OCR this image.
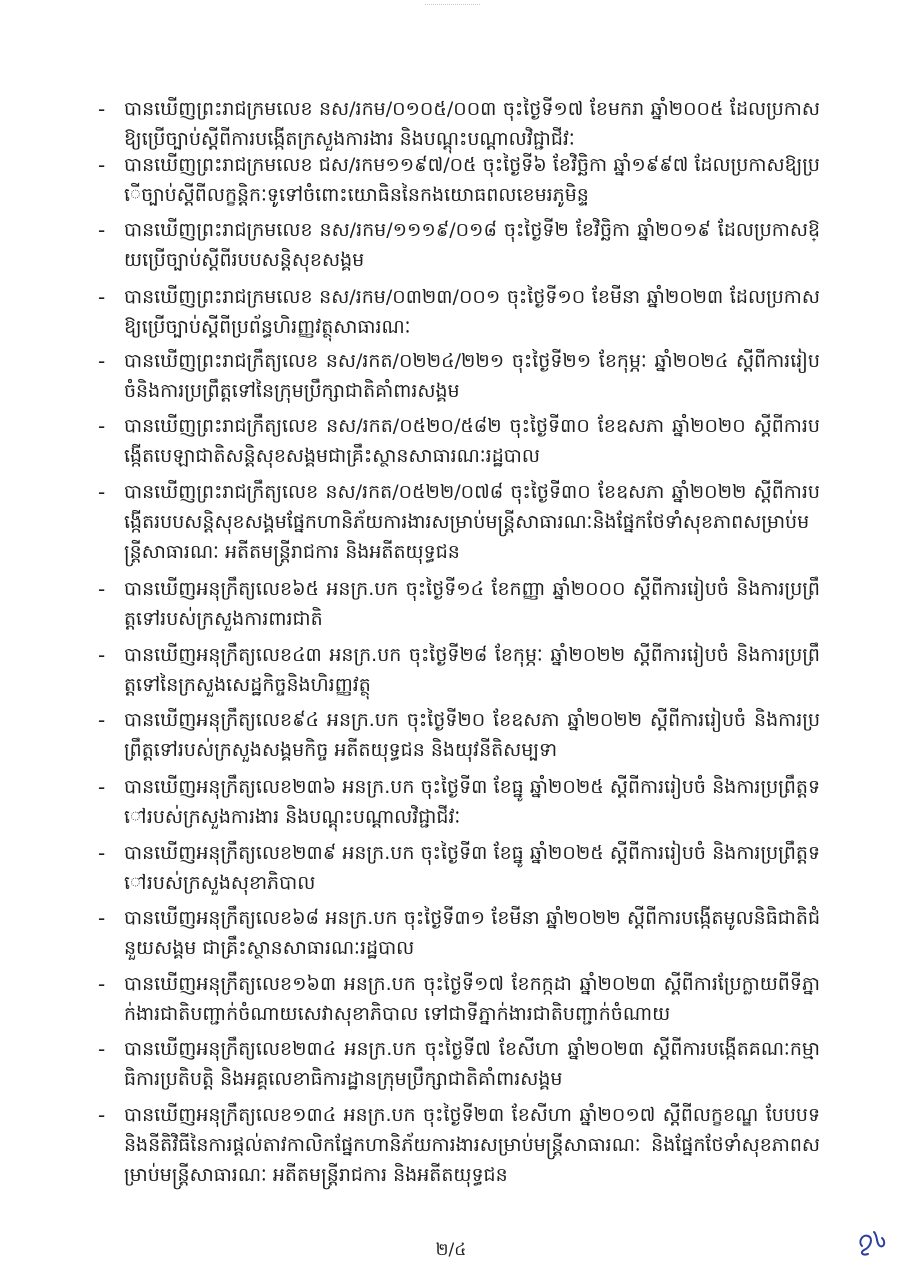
- បានឃើញព្រះរាជក្រមលេខ នស/រកម/០១០៥/០០៣ ចុះថ្ងៃទី១៧ ខែមករា ឆ្នាំ២០០៥ ដែលប្រកាសឱ្យប្រើច្បាប់ស្តីពីការបង្កើតក្រសួងការងារ និងបណ្តុះបណ្តាលវិជ្ជាជីវៈ
- បានឃើញព្រះរាជក្រមលេខ ជស/រកម១១៩៧/០៥ ចុះថ្ងៃទី៦ ខែវិច្ឆិកា ឆ្នាំ១៩៩៧ ដែលប្រកាសឱ្យប្រើច្បាប់ស្តីពីលក្ខន្តិកៈទូទៅចំពោះយោធិននៃកងយោធពលខេមរភូមិន្ទ
- បានឃើញព្រះរាជក្រមលេខ នស/រកម/១១១៩/០១៨ ចុះថ្ងៃទី២ ខែវិច្ឆិកា ឆ្នាំ២០១៩ ដែលប្រកាសឱ្យប្រើច្បាប់ស្តីពីរបបសន្តិសុខសង្គម
- បានឃើញព្រះរាជក្រមលេខ នស/រកម/០៣២៣/០០១ ចុះថ្ងៃទី១០ ខែមីនា ឆ្នាំ២០២៣ ដែលប្រកាសឱ្យប្រើច្បាប់ស្តីពីប្រព័ន្ធហិរញ្ញវត្ថុសាធារណៈ
- បានឃើញព្រះរាជក្រឹត្យលេខ នស/រកត/០២២៤/២២១ ចុះថ្ងៃទី២១ ខែកុម្ភៈ ឆ្នាំ២០២៤ ស្តីពីការរៀបចំនិងការប្រព្រឹត្តទៅនៃក្រុមប្រឹក្សាជាតិគាំពារសង្គម
- បានឃើញព្រះរាជក្រឹត្យលេខ នស/រកត/០៥២០/៥៨២ ចុះថ្ងៃទី៣០ ខែឧសភា ឆ្នាំ២០២០ ស្តីពីការបង្កើតបេឡាជាតិសន្តិសុខសង្គមជាគ្រឹះស្ថានសាធារណៈរដ្ឋបាល
- បានឃើញព្រះរាជក្រឹត្យលេខ នស/រកត/០៥២២/០៧៨ ចុះថ្ងៃទី៣០ ខែឧសភា ឆ្នាំ២០២២ ស្តីពីការបង្កើតរបបសន្តិសុខសង្គមផ្នែកហានិភ័យការងារសម្រាប់មន្ត្រីសាធារណៈនិងផ្នែកថែទាំសុខភាពសម្រាប់មន្ត្រីសាធារណៈ អតីតមន្ត្រីរាជការ និងអតីតយុទ្ធជន
- បានឃើញអនុក្រឹត្យលេខ៦៥ អនក្រ.បក ចុះថ្ងៃទី១៤ ខែកញ្ញា ឆ្នាំ២០០០ ស្តីពីការរៀបចំ និងការប្រព្រឹត្តទៅរបស់ក្រសួងការពារជាតិ
- បានឃើញអនុក្រឹត្យលេខ៤៣ អនក្រ.បក ចុះថ្ងៃទី២៨ ខែកុម្ភៈ ឆ្នាំ២០២២ ស្តីពីការរៀបចំ និងការប្រព្រឹត្តទៅនៃក្រសួងសេដ្ឋកិច្ចនិងហិរញ្ញវត្ថុ
- បានឃើញអនុក្រឹត្យលេខ៩៤ អនក្រ.បក ចុះថ្ងៃទី២០ ខែឧសភា ឆ្នាំ២០២២ ស្តីពីការរៀបចំ និងការប្រព្រឹត្តទៅរបស់ក្រសួងសង្គមកិច្ច អតីតយុទ្ធជន និងយុវនីតិសម្បទា
- បានឃើញអនុក្រឹត្យលេខ២៣៦ អនក្រ.បក ចុះថ្ងៃទី៣ ខែធ្នូ ឆ្នាំ២០២៥ ស្តីពីការរៀបចំ និងការប្រព្រឹត្តទៅរបស់ក្រសួងការងារ និងបណ្តុះបណ្តាលវិជ្ជាជីវៈ
- បានឃើញអនុក្រឹត្យលេខ២៣៩ អនក្រ.បក ចុះថ្ងៃទី៣ ខែធ្នូ ឆ្នាំ២០២៥ ស្តីពីការរៀបចំ និងការប្រព្រឹត្តទៅរបស់ក្រសួងសុខាភិបាល
- បានឃើញអនុក្រឹត្យលេខ៦៨ អនក្រ.បក ចុះថ្ងៃទី៣១ ខែមីនា ឆ្នាំ២០២២ ស្តីពីការបង្កើតមូលនិធិជាតិជំនួយសង្គម ជាគ្រឹះស្ថានសាធារណៈរដ្ឋបាល
- បានឃើញអនុក្រឹត្យលេខ១៦៣ អនក្រ.បក ចុះថ្ងៃទី១៧ ខែកក្កដា ឆ្នាំ២០២៣ ស្តីពីការប្រែក្លាយពីទីភ្នាក់ងារជាតិបញ្ជាក់ចំណាយសេវាសុខាភិបាល ទៅជាទីភ្នាក់ងារជាតិបញ្ជាក់ចំណាយ
- បានឃើញអនុក្រឹត្យលេខ២៣៤ អនក្រ.បក ចុះថ្ងៃទី៧ ខែសីហា ឆ្នាំ២០២៣ ស្តីពីការបង្កើតគណៈកម្មាធិការប្រតិបត្តិ និងអគ្គលេខាធិការដ្ឋានក្រុមប្រឹក្សាជាតិគាំពារសង្គម
- បានឃើញអនុក្រឹត្យលេខ១៣៤ អនក្រ.បក ចុះថ្ងៃទី២៣ ខែសីហា ឆ្នាំ២០១៧ ស្តីពីលក្ខខណ្ឌ បែបបទ និងនីតិវិធីនៃការផ្តល់តាវកាលិកផ្នែកហានិភ័យការងារសម្រាប់មន្ត្រីសាធារណៈ និងផ្នែកថែទាំសុខភាពសម្រាប់មន្ត្រីសាធារណៈ អតីតមន្ត្រីរាជការ និងអតីតយុទ្ធជន
២/៤
